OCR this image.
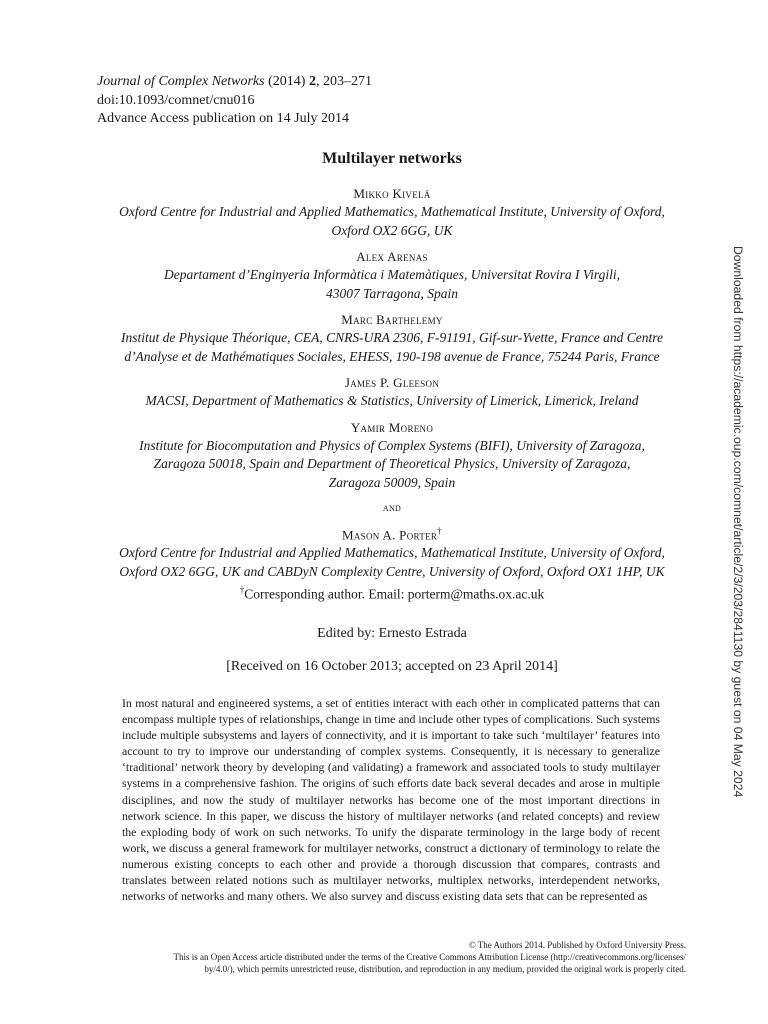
Journal of Complex Networks (2014) 2, 203–271
doi:10.1093/comnet/cnu016
Advance Access publication on 14 July 2014
Multilayer networks
Mikko Kivelä
Oxford Centre for Industrial and Applied Mathematics, Mathematical Institute, University of Oxford,
Oxford OX2 6GG, UK
Alex Arenas
Departament d’Enginyeria Informàtica i Matemàtiques, Universitat Rovira I Virgili,
43007 Tarragona, Spain
Marc Barthelemy
Institut de Physique Théorique, CEA, CNRS-URA 2306, F-91191, Gif-sur-Yvette, France and Centre
d’Analyse et de Mathématiques Sociales, EHESS, 190-198 avenue de France, 75244 Paris, France
James P. Gleeson
MACSI, Department of Mathematics & Statistics, University of Limerick, Limerick, Ireland
Yamir Moreno
Institute for Biocomputation and Physics of Complex Systems (BIFI), University of Zaragoza,
Zaragoza 50018, Spain and Department of Theoretical Physics, University of Zaragoza,
Zaragoza 50009, Spain
and
Mason A. Porter†
Oxford Centre for Industrial and Applied Mathematics, Mathematical Institute, University of Oxford,
Oxford OX2 6GG, UK and CABDyN Complexity Centre, University of Oxford, Oxford OX1 1HP, UK
†Corresponding author. Email: porterm@maths.ox.ac.uk
Edited by: Ernesto Estrada
[Received on 16 October 2013; accepted on 23 April 2014]
In most natural and engineered systems, a set of entities interact with each other in complicated patterns that can encompass multiple types of relationships, change in time and include other types of complications. Such systems include multiple subsystems and layers of connectivity, and it is important to take such ‘multilayer’ features into account to try to improve our understanding of complex systems. Consequently, it is necessary to generalize ‘traditional’ network theory by developing (and validating) a framework and associated tools to study multilayer systems in a comprehensive fashion. The origins of such efforts date back several decades and arose in multiple disciplines, and now the study of multilayer networks has become one of the most important directions in network science. In this paper, we discuss the history of multilayer networks (and related concepts) and review the exploding body of work on such networks. To unify the disparate terminology in the large body of recent work, we discuss a general framework for multilayer networks, construct a dictionary of terminology to relate the numerous existing concepts to each other and provide a thorough discussion that compares, contrasts and translates between related notions such as multilayer networks, multiplex networks, interdependent networks, networks of networks and many others. We also survey and discuss existing data sets that can be represented as
© The Authors 2014. Published by Oxford University Press.
This is an Open Access article distributed under the terms of the Creative Commons Attribution License (http://creativecommons.org/licenses/
by/4.0/), which permits unrestricted reuse, distribution, and reproduction in any medium, provided the original work is properly cited.
Downloaded from https://academic.oup.com/comnet/article/2/3/203/2841130 by guest on 04 May 2024
